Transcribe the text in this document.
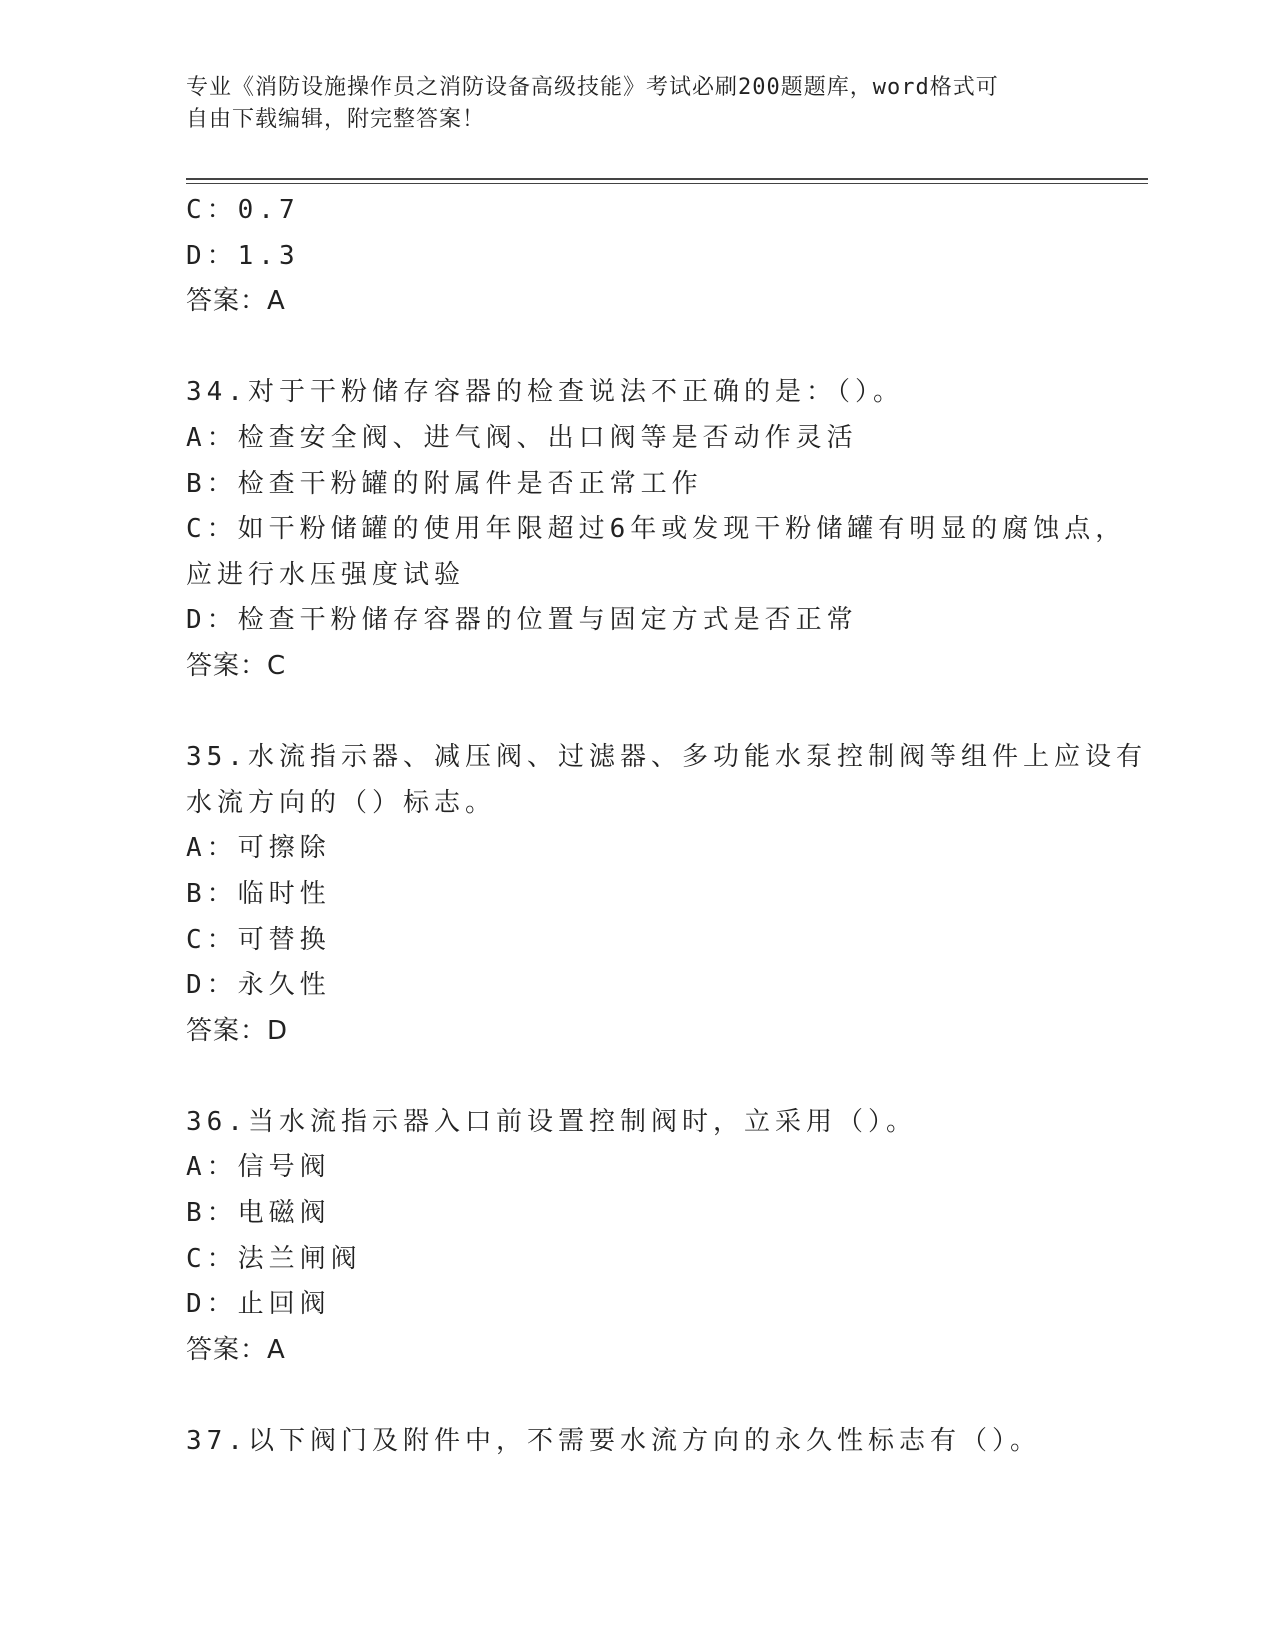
专业《消防设施操作员之消防设备高级技能》考试必刷200题题库，word格式可
自由下载编辑，附完整答案！
C：0.7
D：1.3
答案：A
34.对于干粉储存容器的检查说法不正确的是：（）。
A：检查安全阀、进气阀、出口阀等是否动作灵活
B：检查干粉罐的附属件是否正常工作
C：如干粉储罐的使用年限超过6年或发现干粉储罐有明显的腐蚀点，
应进行水压强度试验
D：检查干粉储存容器的位置与固定方式是否正常
答案：C
35.水流指示器、减压阀、过滤器、多功能水泵控制阀等组件上应设有
水流方向的（）标志。
A：可擦除
B：临时性
C：可替换
D：永久性
答案：D
36.当水流指示器入口前设置控制阀时，立采用（）。
A：信号阀
B：电磁阀
C：法兰闸阀
D：止回阀
答案：A
37.以下阀门及附件中，不需要水流方向的永久性标志有（）。
